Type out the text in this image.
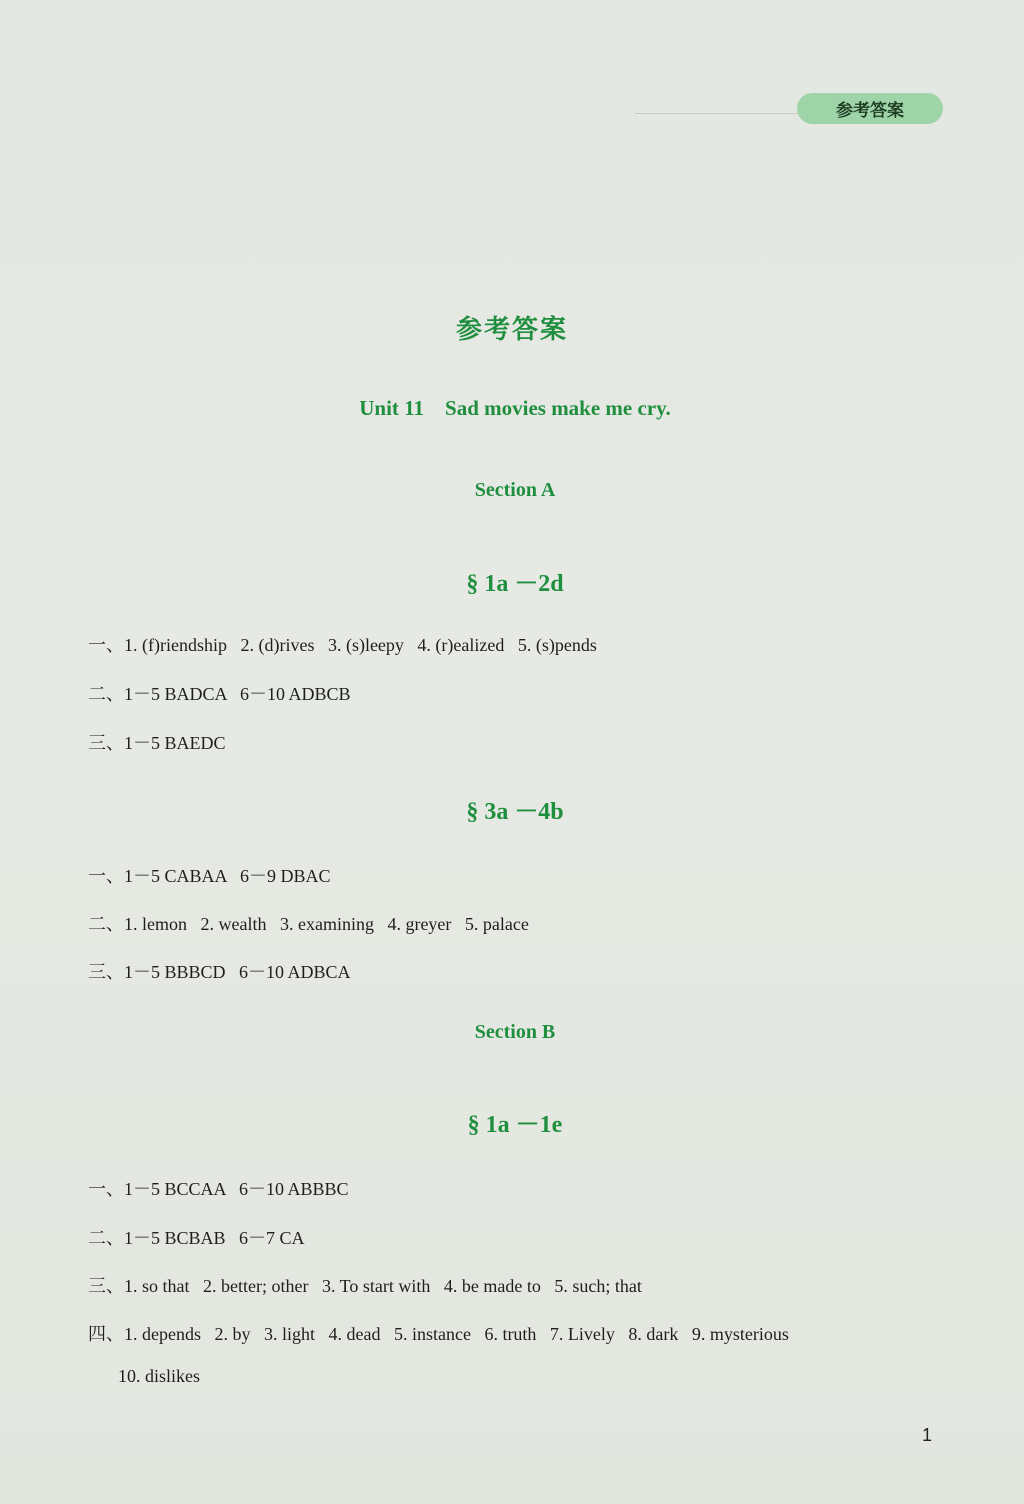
参考答案
参考答案
Unit 11    Sad movies make me cry.
Section A
§ 1a －2d
一、1. (f)riendship   2. (d)rives   3. (s)leepy   4. (r)ealized   5. (s)pends
二、1－5 BADCA   6－10 ADBCB
三、1－5 BAEDC
§ 3a －4b
一、1－5 CABAA   6－9 DBAC
二、1. lemon   2. wealth   3. examining   4. greyer   5. palace
三、1－5 BBBCD   6－10 ADBCA
Section B
§ 1a －1e
一、1－5 BCCAA   6－10 ABBBC
二、1－5 BCBAB   6－7 CA
三、1. so that   2. better; other   3. To start with   4. be made to   5. such; that
四、1. depends   2. by   3. light   4. dead   5. instance   6. truth   7. Lively   8. dark   9. mysterious
10. dislikes
1
